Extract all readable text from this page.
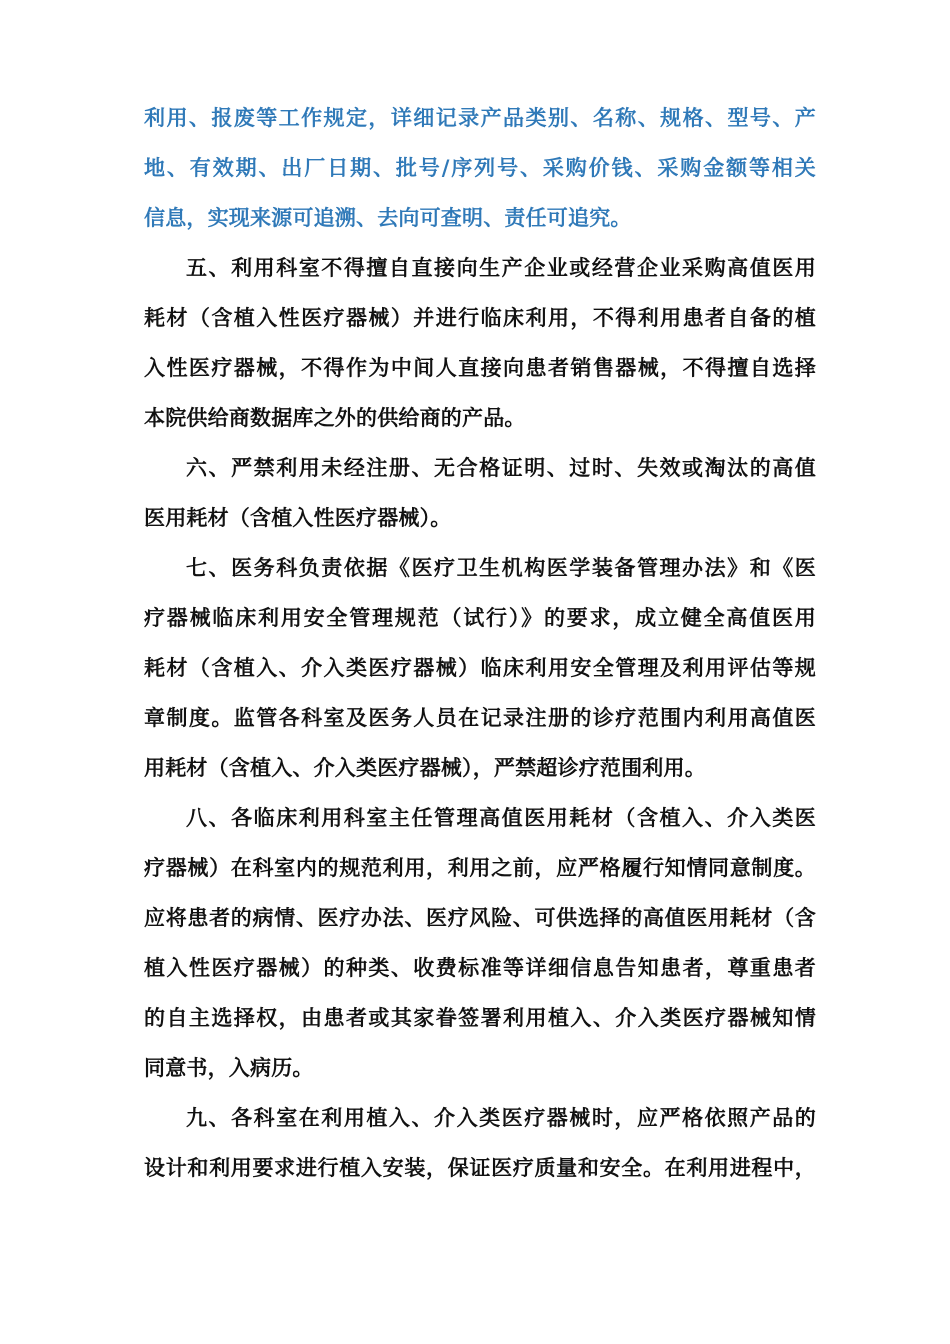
利用、报废等工作规定，详细记录产品类别、名称、规格、型号、产
地、有效期、出厂日期、批号/序列号、采购价钱、采购金额等相关
信息，实现来源可追溯、去向可查明、责任可追究。
五、利用科室不得擅自直接向生产企业或经营企业采购高值医用
耗材（含植入性医疗器械）并进行临床利用，不得利用患者自备的植
入性医疗器械，不得作为中间人直接向患者销售器械，不得擅自选择
本院供给商数据库之外的供给商的产品。
六、严禁利用未经注册、无合格证明、过时、失效或淘汰的高值
医用耗材（含植入性医疗器械）。
七、医务科负责依据《医疗卫生机构医学装备管理办法》和《医
疗器械临床利用安全管理规范（试行）》的要求，成立健全高值医用
耗材（含植入、介入类医疗器械）临床利用安全管理及利用评估等规
章制度。监管各科室及医务人员在记录注册的诊疗范围内利用高值医
用耗材（含植入、介入类医疗器械），严禁超诊疗范围利用。
八、各临床利用科室主任管理高值医用耗材（含植入、介入类医
疗器械）在科室内的规范利用，利用之前，应严格履行知情同意制度。
应将患者的病情、医疗办法、医疗风险、可供选择的高值医用耗材（含
植入性医疗器械）的种类、收费标准等详细信息告知患者，尊重患者
的自主选择权，由患者或其家眷签署利用植入、介入类医疗器械知情
同意书，入病历。
九、各科室在利用植入、介入类医疗器械时，应严格依照产品的
设计和利用要求进行植入安装，保证医疗质量和安全。在利用进程中，
